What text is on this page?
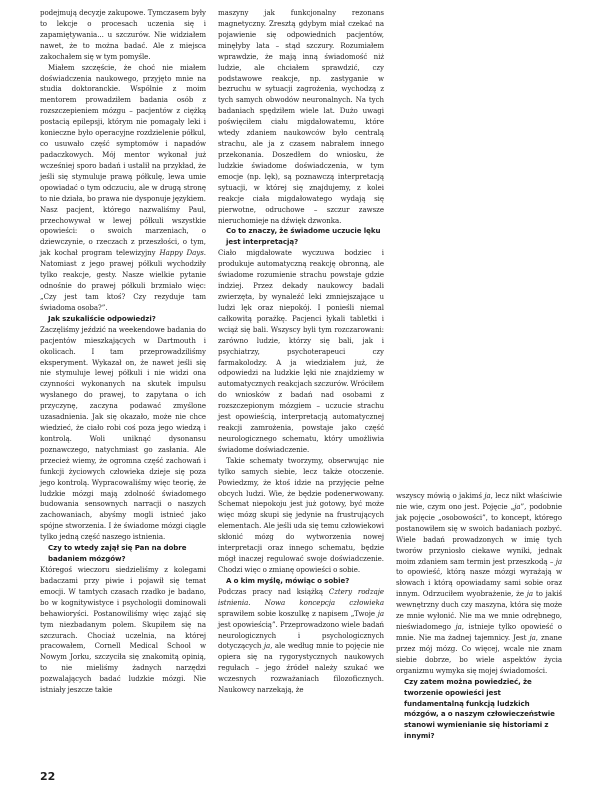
podejmują decyzje zakupowe. Tymczasem były to lekcje o procesach uczenia się i zapamiętywania... u szczurów. Nie widziałem nawet, że to można badać. Ale z miejsca zakochałem się w tym pomyśle.

Miałem szczęście, że choć nie miałem doświadczenia naukowego, przyjęto mnie na studia doktoranckie. Wspólnie z moim mentorem prowadziłem badania osób z rozszczepieniem mózgu – pacjentów z ciężką postacią epilepsji, którym nie pomagały leki i konieczne było operacyjne rozdzielenie półkul, co usuwało część symptomów i napadów padaczkowych. Mój mentor wykonał już wcześniej sporo badań i ustalił na przykład, że jeśli się stymuluje prawą półkulę, lewa umie opowiadać o tym odczuciu, ale w drugą stronę to nie działa, bo prawa nie dysponuje językiem. Nasz pacjent, którego nazwaliśmy Paul, przechowywał w lewej półkuli wszystkie opowieści: o swoich marzeniach, o dziewczynie, o rzeczach z przeszłości, o tym, jak kochał program telewizyjny Happy Days. Natomiast z jego prawej półkuli wychodziły tylko reakcje, gesty. Nasze wielkie pytanie odnośnie do prawej półkuli brzmiało więc: „Czy jest tam ktoś? Czy rezyduje tam świadoma osoba?”.

Jak szukaliście odpowiedzi?

Zaczęliśmy jeździć na weekendowe badania do pacjentów mieszkających w Dartmouth i okolicach. I tam przeprowadziliśmy eksperyment. Wykazał on, że nawet jeśli się nie stymuluje lewej półkuli i nie widzi ona czynności wykonanych na skutek impulsu wysłanego do prawej, to zapytana o ich przyczynę, zaczyna podawać zmyślone uzasadnienia. Jak się okazało, może nie chce wiedzieć, że ciało robi coś poza jego wiedzą i kontrolą. Woli uniknąć dysonansu poznawczego, natychmiast go zasłania. Ale przecież wiemy, że ogromna część zachowań i funkcji życiowych człowieka dzieje się poza jego kontrolą. Wypracowaliśmy więc teorię, że ludzkie mózgi mają zdolność świadomego budowania sensownych narracji o naszych zachowaniach, abyśmy mogli istnieć jako spójne stworzenia. I że świadome mózgi ciągle tylko jedną część naszego istnienia.

Czy to wtedy zajął się Pan na dobre badaniem mózgów?

Któregoś wieczoru siedzieliśmy z kolegami badaczami przy piwie i pojawił się temat emocji. W tamtych czasach rzadko je badano, bo w kognitywistyce i psychologii dominowali behawioryści. Postanowiliśmy więc zająć się tym niezbadanym polem. Skupiłem się na szczurach. Chociaż uczelnia, na której pracowałem, Cornell Medical School w Nowym Jorku, szczyciła się znakomitą opinią, to nie mieliśmy żadnych narzędzi pozwalających badać ludzkie mózgi. Nie istniały jeszcze takie

maszyny jak funkcjonalny rezonans magnetyczny. Zresztą gdybym miał czekać na pojawienie się odpowiednich pacjentów, minęłyby lata – stąd szczury. Rozumiałem wprawdzie, że mają inną świadomość niż ludzie, ale chciałem sprawdzić, czy podstawowe reakcje, np. zastyganie w bezruchu w sytuacji zagrożenia, wychodzą z tych samych obwodów neuronalnych. Na tych badaniach spędziłem wiele lat. Dużo uwagi poświęciłem ciału migdałowatemu, które wtedy zdaniem naukowców było centralą strachu, ale ja z czasem nabrałem innego przekonania. Doszedłem do wniosku, że ludzkie świadome doświadczenia, w tym emocje (np. lęk), są poznawczą interpretacją sytuacji, w której się znajdujemy, z kolei reakcje ciała migdałowatego wydają się pierwotne, odruchowe – szczur zawsze nieruchomieje na dźwięk dzwonka.

Co to znaczy, że świadome uczucie lęku jest interpretacją?

Ciało migdałowate wyczuwa bodziec i produkuje automatyczną reakcję obronną, ale świadome rozumienie strachu powstaje gdzie indziej. Przez dekady naukowcy badali zwierzęta, by wynaleźć leki zmniejszające u ludzi lęk oraz niepokój. I ponieśli niemal całkowitą porażkę. Pacjenci łykali tabletki i wciąż się bali. Wszyscy byli tym rozczarowani: zarówno ludzie, którzy się bali, jak i psychiatrzy, psychoterapeuci czy farmakolodzy. A ja wiedziałem już, że odpowiedzi na ludzkie lęki nie znajdziemy w automatycznych reakcjach szczurów. Wróciłem do wniosków z badań nad osobami z rozszczepionym mózgiem – uczucie strachu jest opowieścią, interpretacją automatycznej reakcji zamrożenia, powstaje jako część neurologicznego schematu, który umożliwia świadome doświadczenie.

Takie schematy tworzymy, obserwując nie tylko samych siebie, lecz także otoczenie. Powiedzmy, że ktoś idzie na przyjęcie pełne obcych ludzi. Wie, że będzie podenerwowany. Schemat niepokoju jest już gotowy, być może więc mózg skupi się jedynie na frustrujących elementach. Ale jeśli uda się temu człowiekowi skłonić mózg do wytworzenia nowej interpretacji oraz innego schematu, będzie mógł inaczej regulować swoje doświadczenie. Chodzi więc o zmianę opowieści o sobie.

A o kim myślę, mówiąc o sobie?

Podczas pracy nad książką Cztery rodzaje istnienia. Nowa koncepcja człowieka sprawiłem sobie koszulkę z napisem „Twoje ja jest opowieścią”. Przeprowadzono wiele badań neurologicznych i psychologicznych dotyczących ja, ale według mnie to pojęcie nie opiera się na rygorystycznych naukowych regułach – jego źródeł należy szukać we wczesnych rozważaniach filozoficznych. Naukowcy narzekają, że

wszyscy mówią o jakimś ja, lecz nikt właściwie nie wie, czym ono jest. Pojęcie „ja”, podobnie jak pojęcie „osobowości”, to koncept, którego postanowiłem się w swoich badaniach pozbyć. Wiele badań prowadzonych w imię tych tworów przyniosło ciekawe wyniki, jednak moim zdaniem sam termin jest przeszkodą – ja to opowieść, którą nasze mózgi wyrażają w słowach i którą opowiadamy sami sobie oraz innym. Odrzuciłem wyobrażenie, że ja to jakiś wewnętrzny duch czy maszyna, która się może ze mnie wyłonić. Nie ma we mnie odrębnego, nieświadomego ja, istnieje tylko opowieść o mnie. Nie ma żadnej tajemnicy. Jest ja, znane przez mój mózg. Co więcej, wcale nie znam siebie dobrze, bo wiele aspektów życia organizmu wymyka się mojej świadomości.

Czy zatem można powiedzieć, że tworzenie opowieści jest fundamentalną funkcją ludzkich mózgów, a o naszym człowieczeństwie stanowi wymienianie się historiami z innymi?
22
